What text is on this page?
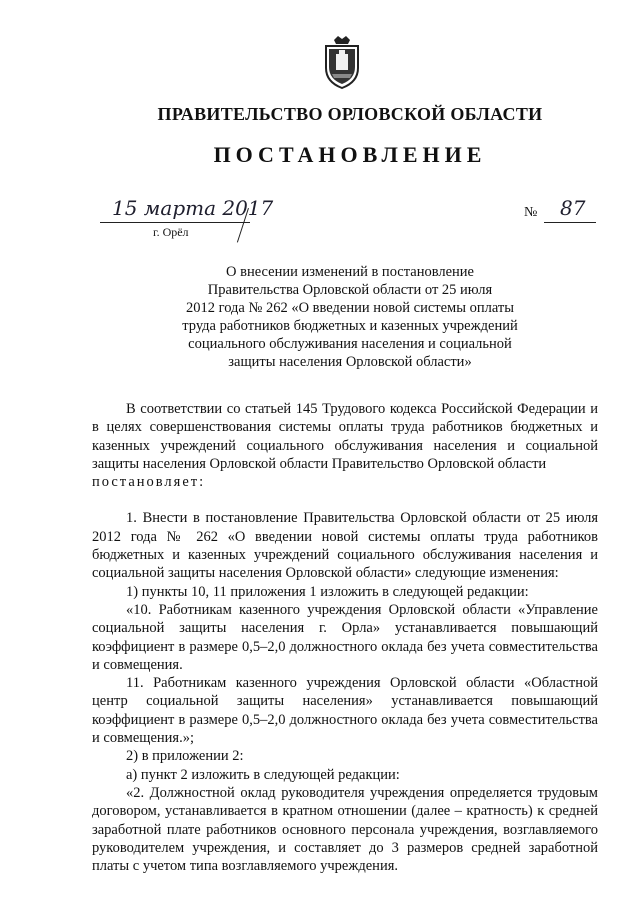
ПРАВИТЕЛЬСТВО ОРЛОВСКОЙ ОБЛАСТИ
ПОСТАНОВЛЕНИЕ
15 марта 2017
г. Орёл
№ 87
О внесении изменений в постановление
Правительства Орловской области от 25 июля
2012 года № 262 «О введении новой системы оплаты
труда работников бюджетных и казенных учреждений
социального обслуживания населения и социальной
защиты населения Орловской области»

В соответствии со статьей 145 Трудового кодекса Российской Федерации и в целях совершенствования системы оплаты труда работников бюджетных и казенных учреждений социального обслуживания населения и социальной защиты населения Орловской области Правительство Орловской области
постановляет:

1. Внести в постановление Правительства Орловской области от 25 июля 2012 года № 262 «О введении новой системы оплаты труда работников бюджетных и казенных учреждений социального обслуживания населения и социальной защиты населения Орловской области» следующие изменения:

1) пункты 10, 11 приложения 1 изложить в следующей редакции:

«10. Работникам казенного учреждения Орловской области «Управление социальной защиты населения г. Орла» устанавливается повышающий коэффициент в размере 0,5–2,0 должностного оклада без учета совместительства и совмещения.

11. Работникам казенного учреждения Орловской области «Областной центр социальной защиты населения» устанавливается повышающий коэффициент в размере 0,5–2,0 должностного оклада без учета совместительства и совмещения.»;

2) в приложении 2:

а) пункт 2 изложить в следующей редакции:

«2. Должностной оклад руководителя учреждения определяется трудовым договором, устанавливается в кратном отношении (далее – кратность) к средней заработной плате работников основного персонала учреждения, возглавляемого руководителем учреждения, и составляет до 3 размеров средней заработной платы с учетом типа возглавляемого учреждения.
